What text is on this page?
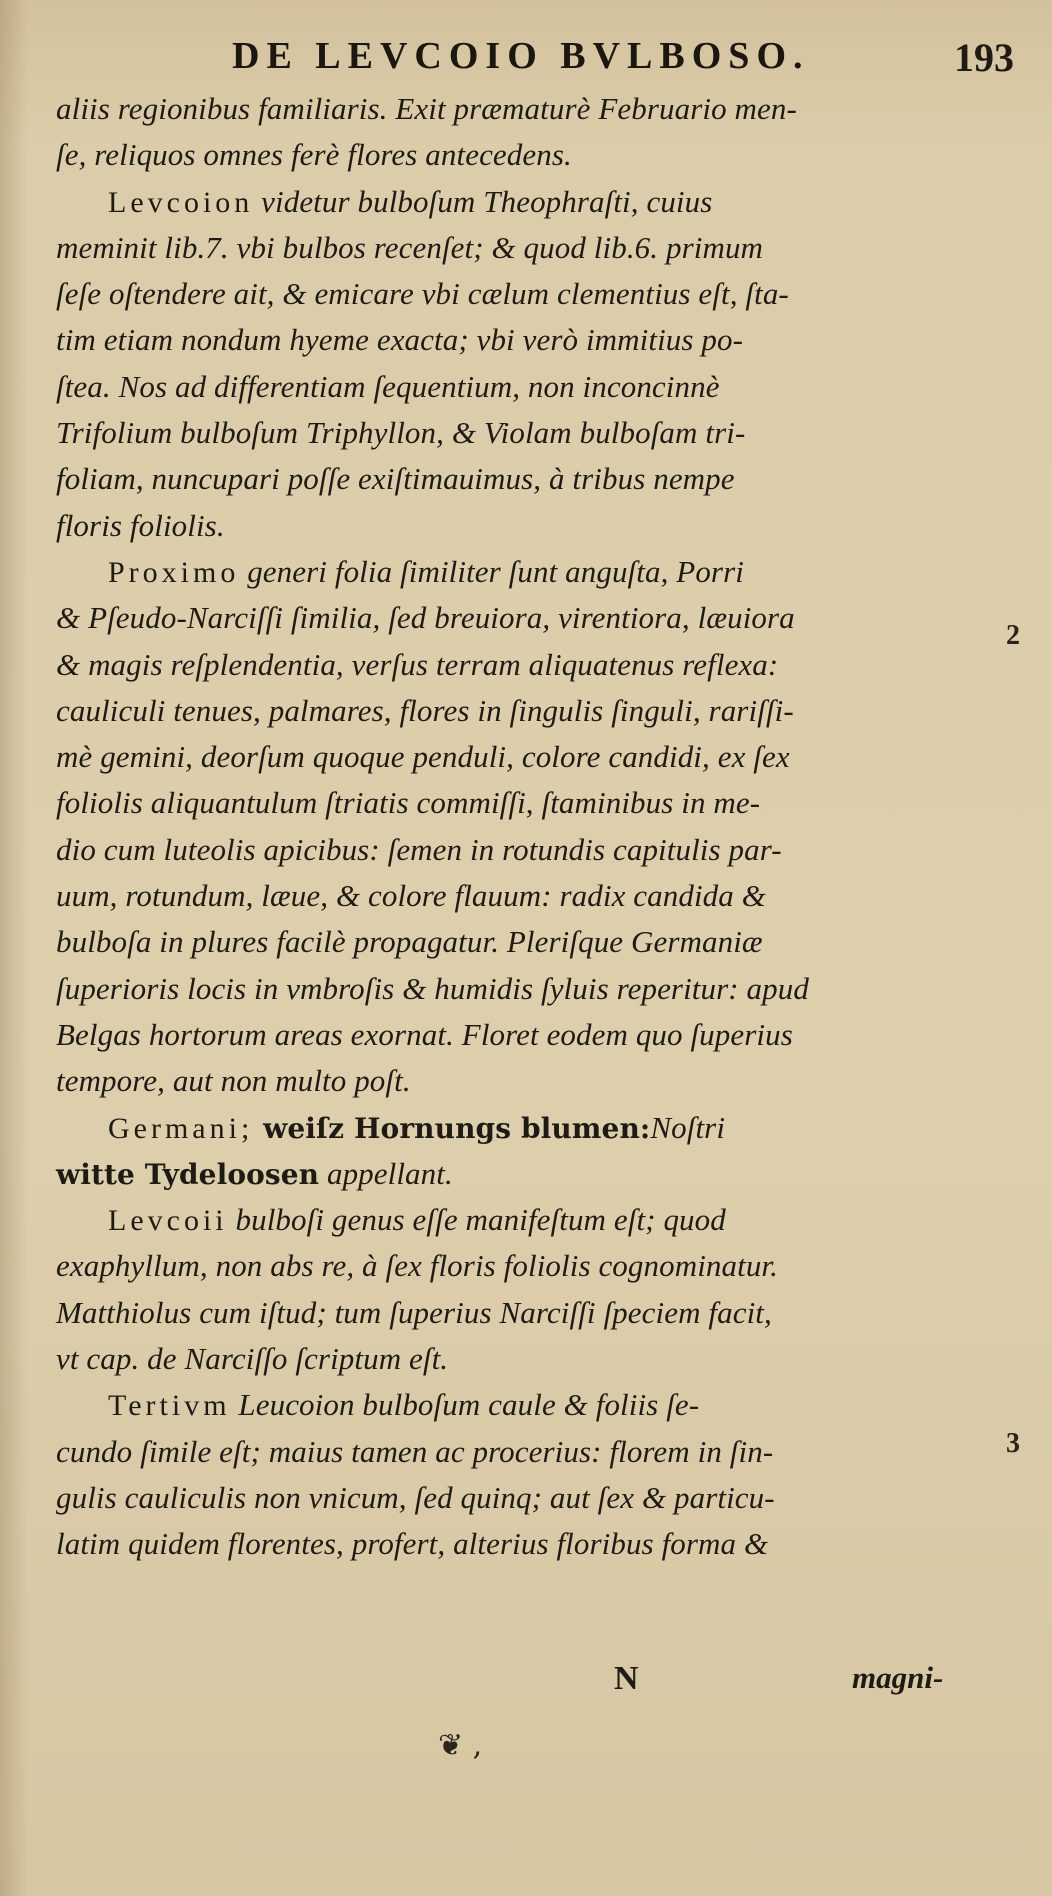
DE LEVCOIO BVLBOSO.	193
aliis regionibus familiaris. Exit præmaturè Februario men-
ſe, reliquos omnes ferè flores antecedens.
Levcoion videtur bulboſum Theophraſti, cuius
meminit lib.7. vbi bulbos recenſet; & quod lib.6. primum
ſeſe oſtendere ait, & emicare vbi cælum clementius eſt, ſta-
tim etiam nondum hyeme exacta; vbi verò immitius po-
ſtea. Nos ad differentiam ſequentium, non inconcinnè
Trifolium bulboſum Triphyllon, & Violam bulboſam tri-
foliam, nuncupari poſſe exiſtimauimus, à tribus nempe
floris foliolis.
Proximo generi folia ſimiliter ſunt anguſta, Porri
& Pſeudo-Narciſſi ſimilia, ſed breuiora, virentiora, læuiora
& magis reſplendentia, verſus terram aliquatenus reflexa:
cauliculi tenues, palmares, flores in ſingulis ſinguli, rariſſi-
mè gemini, deorſum quoque penduli, colore candidi, ex ſex
foliolis aliquantulum ſtriatis commiſſi, ſtaminibus in me-
dio cum luteolis apicibus: ſemen in rotundis capitulis par-
uum, rotundum, læue, & colore flauum: radix candida &
bulboſa in plures facilè propagatur. Pleriſque Germaniæ
ſuperioris locis in vmbroſis & humidis ſyluis reperitur: apud
Belgas hortorum areas exornat. Floret eodem quo ſuperius
tempore, aut non multo poſt.
Germani; weiſz Hornungs blumen:Noſtri
witte Tydeloosen appellant.
Levcoii bulboſi genus eſſe manifeſtum eſt; quod
exaphyllum, non abs re, à ſex floris foliolis cognominatur.
Matthiolus cum iſtud; tum ſuperius Narciſſi ſpeciem facit,
vt cap. de Narciſſo ſcriptum eſt.
Tertivm Leucoion bulboſum caule & foliis ſe-
cundo ſimile eſt; maius tamen ac procerius: florem in ſin-
gulis cauliculis non vnicum, ſed quinq; aut ſex & particu-
latim quidem florentes, profert, alterius floribus forma &
2
3
N	magni-
❦ ,
